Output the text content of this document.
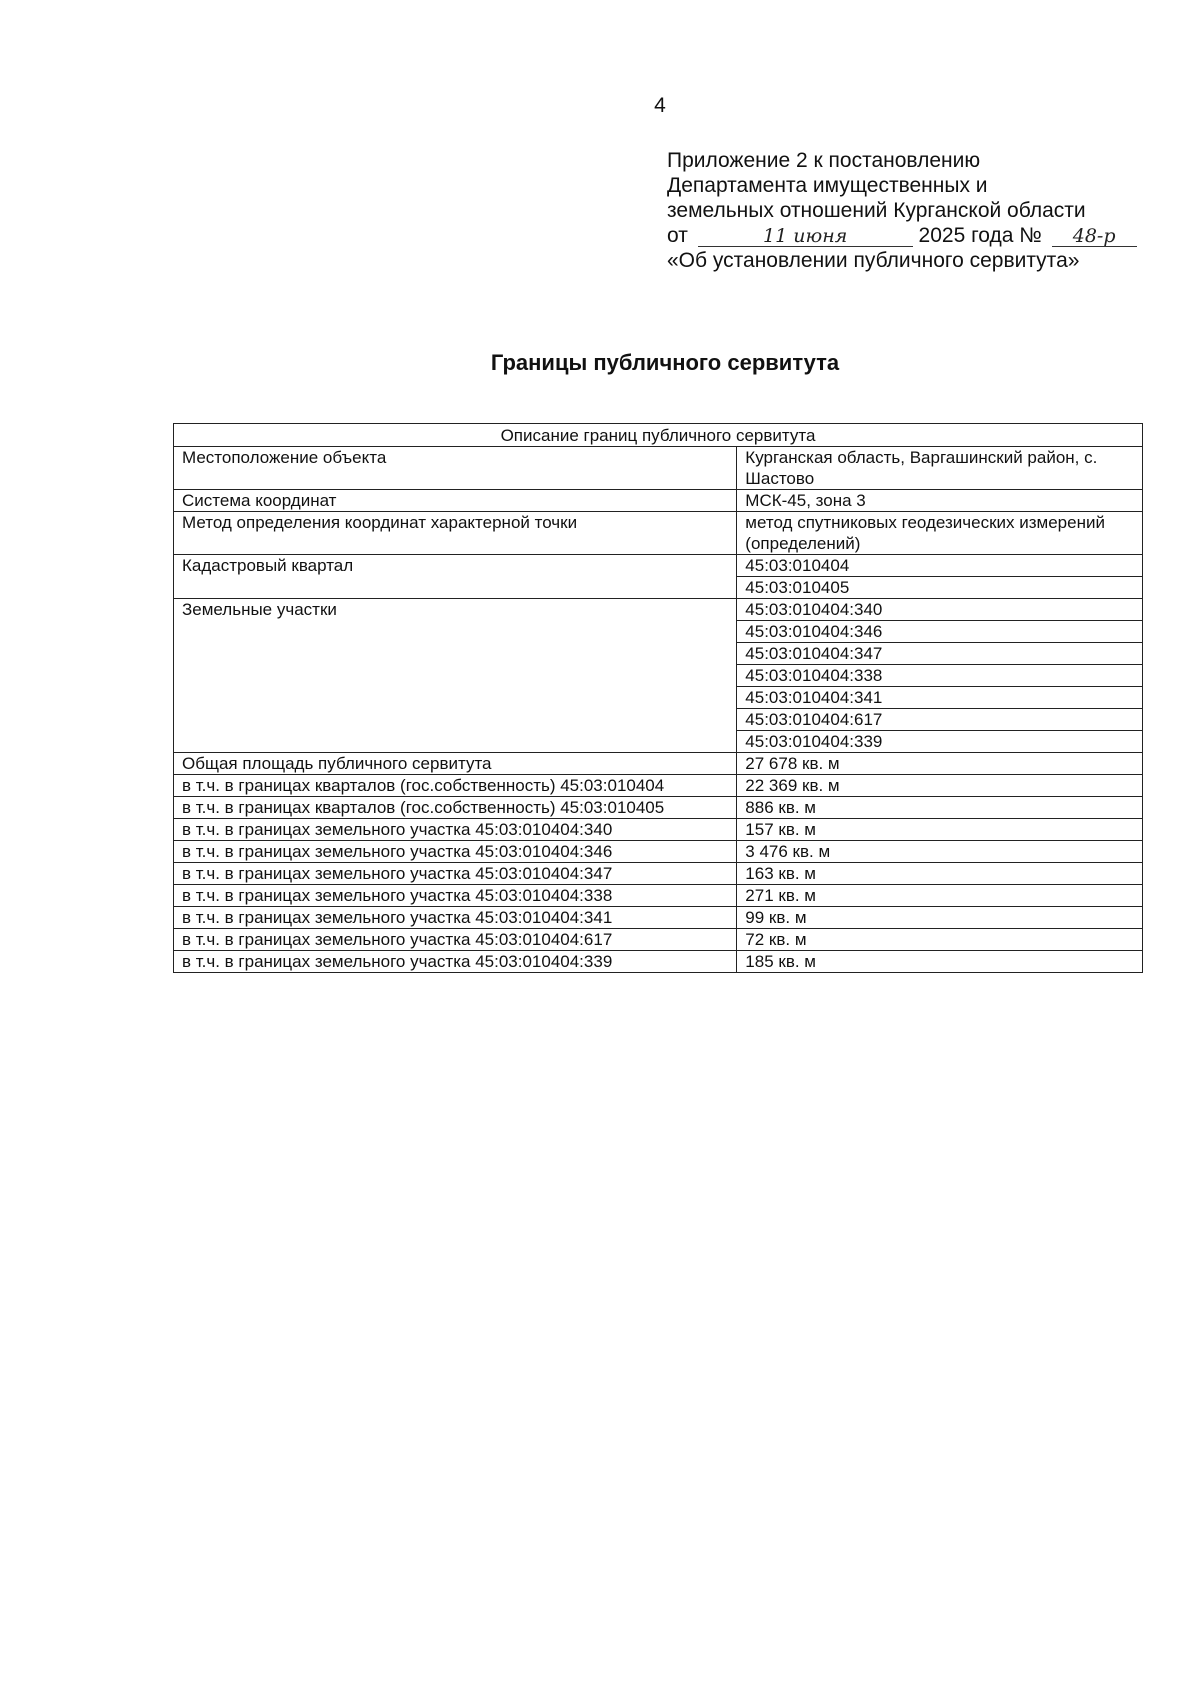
4
Приложение 2 к постановлению
Департамента имущественных и
земельных отношений Курганской области
от	11 июня	2025 года № 48-р
«Об установлении публичного сервитута»
Границы публичного сервитута
Описание границ публичного сервитута	
Местоположение объекта	Курганская область, Варгашинский район, с. Шастово
Система координат	МСК-45, зона 3
Метод определения координат характерной точки	метод спутниковых геодезических измерений (определений)
Кадастровый квартал	45:03:010404
	45:03:010405
Земельные участки	45:03:010404:340
	45:03:010404:346
	45:03:010404:347
	45:03:010404:338
	45:03:010404:341
	45:03:010404:617
	45:03:010404:339
Общая площадь публичного сервитута	27 678 кв. м
в т.ч. в границах кварталов (гос.собственность) 45:03:010404	22 369 кв. м
в т.ч. в границах кварталов (гос.собственность) 45:03:010405	886 кв. м
в т.ч. в границах земельного участка 45:03:010404:340	157 кв. м
в т.ч. в границах земельного участка 45:03:010404:346	3 476 кв. м
в т.ч. в границах земельного участка 45:03:010404:347	163 кв. м
в т.ч. в границах земельного участка 45:03:010404:338	271 кв. м
в т.ч. в границах земельного участка 45:03:010404:341	99 кв. м
в т.ч. в границах земельного участка 45:03:010404:617	72 кв. м
в т.ч. в границах земельного участка 45:03:010404:339	185 кв. м
